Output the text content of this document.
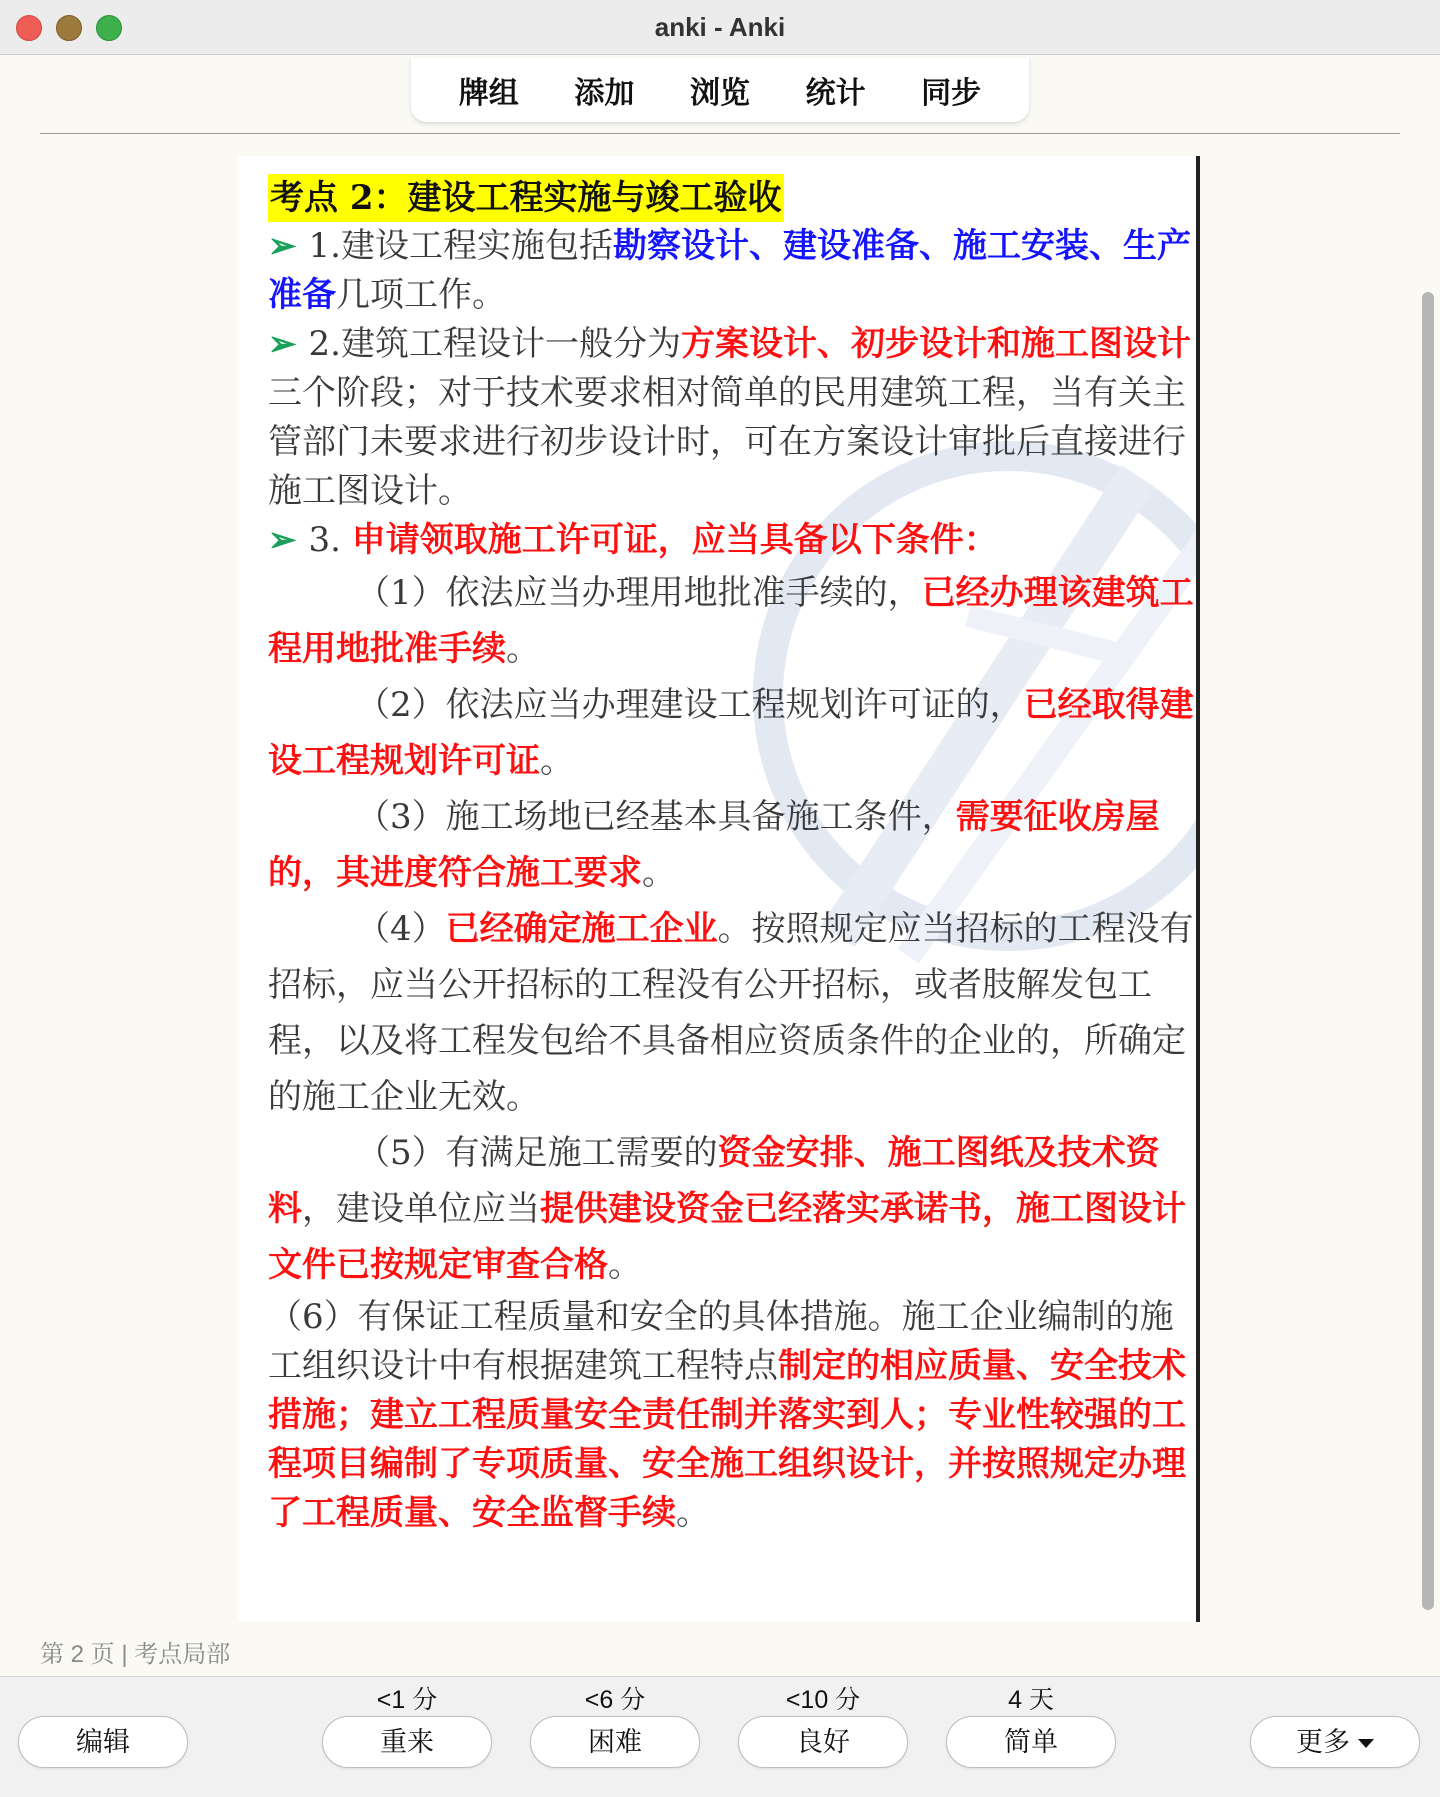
anki - Anki
牌组 添加 浏览 统计 同步

考点 2：建设工程实施与竣工验收

➢ 1.建设工程实施包括勘察设计、建设准备、施工安装、生产准备几项工作。

➢ 2.建筑工程设计一般分为方案设计、初步设计和施工图设计三个阶段；对于技术要求相对简单的民用建筑工程，当有关主管部门未要求进行初步设计时，可在方案设计审批后直接进行施工图设计。

➢ 3. 申请领取施工许可证，应当具备以下条件：

（1）依法应当办理用地批准手续的，已经办理该建筑工程用地批准手续。

（2）依法应当办理建设工程规划许可证的，已经取得建设工程规划许可证。

（3）施工场地已经基本具备施工条件，需要征收房屋的，其进度符合施工要求。

（4）已经确定施工企业。按照规定应当招标的工程没有招标，应当公开招标的工程没有公开招标，或者肢解发包工程，以及将工程发包给不具备相应资质条件的企业的，所确定的施工企业无效。

（5）有满足施工需要的资金安排、施工图纸及技术资料，建设单位应当提供建设资金已经落实承诺书，施工图设计文件已按规定审查合格。

（6）有保证工程质量和安全的具体措施。施工企业编制的施工组织设计中有根据建筑工程特点制定的相应质量、安全技术措施；建立工程质量安全责任制并落实到人；专业性较强的工程项目编制了专项质量、安全施工组织设计，并按照规定办理了工程质量、安全监督手续。

第 2 页 | 考点局部
<1 分	<6 分	<10 分	4 天
编辑	重来	困难	良好	简单	更多
